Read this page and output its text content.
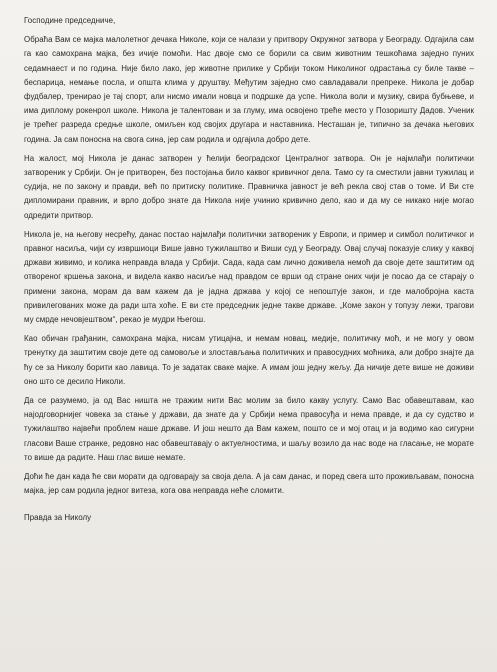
Господине председниче,

Обраћа Вам се мајка малолетног дечака Николе, који се налази у притвору Окружног затвора у Београду. Одгајила сам га као самохрана мајка, без ичије помоћи. Нас двоје смо се борили са свим животним тешкоћама заједно пуних седамнаест и по година. Није било лако, јер животне прилике у Србији током Николиног одрастања су биле такве – беспарица, немање посла, и општа клима у друштву. Међутим заједно смо савладавали препреке. Никола је добар фудбалер, тренирао је тај спорт, али нисмо имали новца и подршке да успе. Никола воли и музику, свира бубњеве, и има диплому рокенрол школе. Никола је талентован и за глуму, има освојено треће место у Позоришту Дадов. Ученик је трећег разреда средње школе, омиљен код својих другара и наставника. Несташан је, типично за дечака његових година. Ја сам поносна на свога сина, јер сам родила и одгајила добро дете.

На жалост, мој Никола је данас затворен у ћелији београдског Централног затвора. Он је најмлађи политички затвореник у Србији. Он је притворен, без постојања било каквог кривичног дела. Тамо су га сместили јавни тужилац и судија, не по закону и правди, већ по притиску политике. Правничка јавност је већ рекла свој став о томе. И Ви сте дипломирани правник, и врло добро знате да Никола није учинио кривично дело, као и да му се никако није могао одредити притвор.

Никола је, на његову несрећу, данас постао најмлађи политички затвореник у Европи, и пример и симбол политичког и правног насиља, чији су извршиоци Више јавно тужилаштво и Виши суд у Београду. Овај случај показује слику у каквој држави живимо, и колика неправда влада у Србији. Сада, када сам лично доживела немоћ да своје дете заштитим од отвореног кршења закона, и видела какво насиље над правдом се врши од стране оних чији је посао да се старају о примени закона, морам да вам кажем да је јадна држава у којој се непоштује закон, и где малобројна каста привилегованих може да ради шта хоће. Е ви сте председник једне такве државе. „Коме закон у топузу лежи, трагови му смрде нечовјештвом“, рекао је мудри Његош.

Као обичан грађанин, самохрана мајка, нисам утицајна, и немам новац, медије, политичку моћ, и не могу у овом тренутку да заштитим своје дете од самовоље и злостављања политичких и правосудних моћника, али добро знајте да ћу се за Николу борити као лавица. То је задатак сваке мајке. А имам још једну жељу. Да ничије дете више не доживи оно што се десило Николи.

Да се разумемо, ја од Вас ништа не тражим нити Вас молим за било какву услугу. Само Вас обавештавам, као најодговорнијег човека за стање у држави, да знате да у Србији нема правосуђа и нема правде, и да су судство и тужилаштво највећи проблем наше државе. И још нешто да Вам кажем, пошто се и мој отац и ја водимо као сигурни гласови Ваше странке, редовно нас обавештавају о актуелностима, и шаљу возило да нас воде на гласање, не морате то више да радите. Наш глас више немате.

Доћи ће дан када ће сви морати да одговарају за своја дела. А ја сам данас, и поред свега што проживљавам, поносна мајка, јер сам родила једног витеза, кога ова неправда неће сломити.

Правда за Николу
